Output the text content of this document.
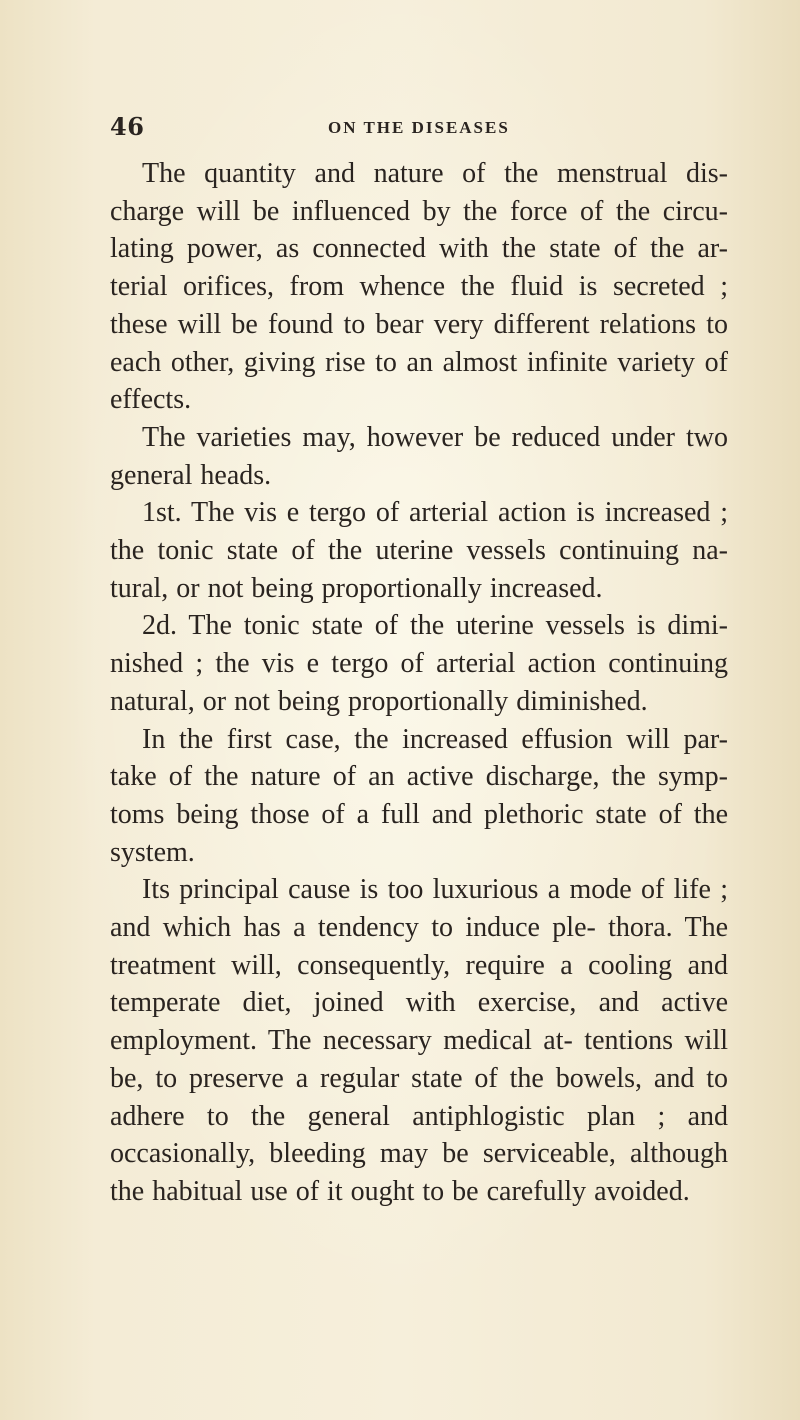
46	ON THE DISEASES

The quantity and nature of the menstrual dis- charge will be influenced by the force of the circu- lating power, as connected with the state of the ar- terial orifices, from whence the fluid is secreted ; these will be found to bear very different relations to each other, giving rise to an almost infinite variety of effects.

The varieties may, however be reduced under two general heads.

1st. The vis e tergo of arterial action is increased ; the tonic state of the uterine vessels continuing na- tural, or not being proportionally increased.

2d. The tonic state of the uterine vessels is dimi- nished ; the vis e tergo of arterial action continuing natural, or not being proportionally diminished.

In the first case, the increased effusion will par- take of the nature of an active discharge, the symp- toms being those of a full and plethoric state of the system.

Its principal cause is too luxurious a mode of life ; and which has a tendency to induce ple- thora. The treatment will, consequently, require a cooling and temperate diet, joined with exercise, and active employment. The necessary medical at- tentions will be, to preserve a regular state of the bowels, and to adhere to the general antiphlogistic plan ; and occasionally, bleeding may be serviceable, although the habitual use of it ought to be carefully avoided.
